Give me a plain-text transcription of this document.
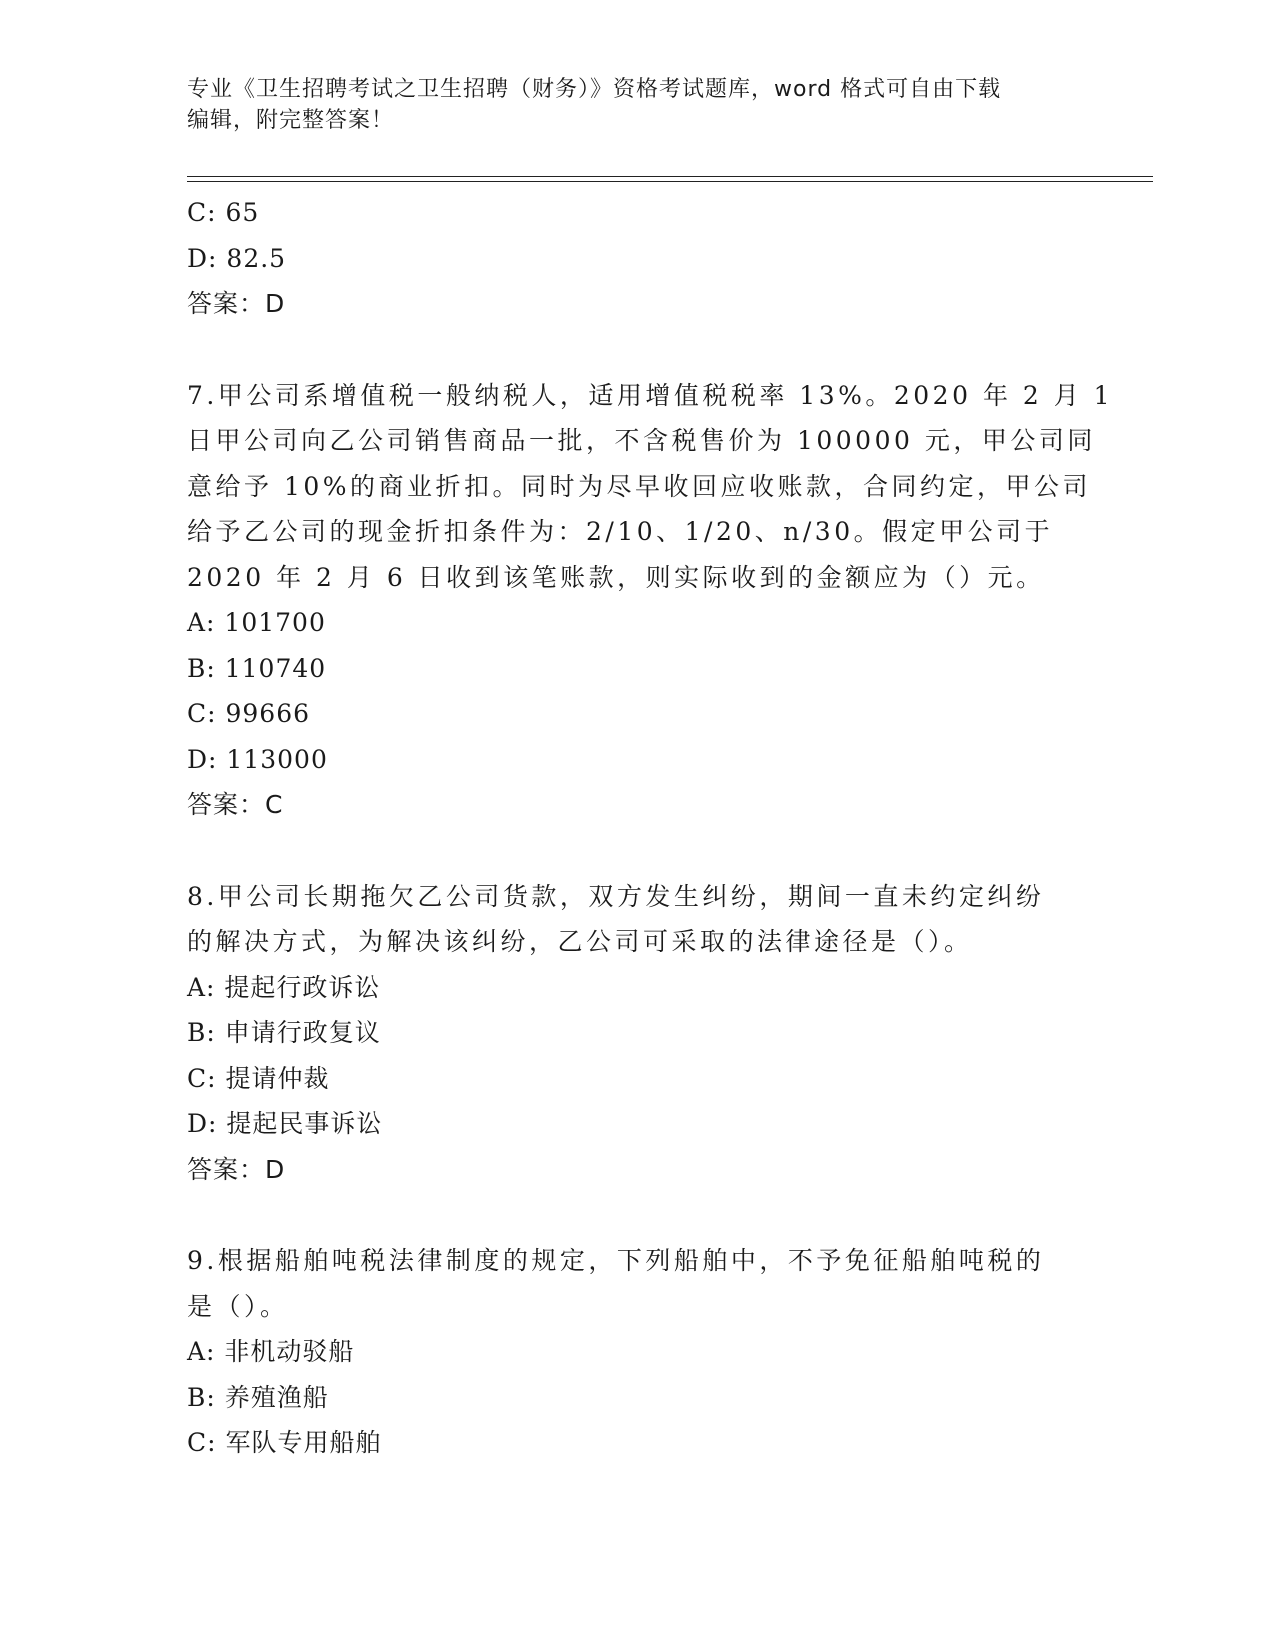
专业《卫生招聘考试之卫生招聘（财务）》资格考试题库，word 格式可自由下载
编辑，附完整答案！
C: 65
D: 82.5
答案：D
7.甲公司系增值税一般纳税人，适用增值税税率 13%。2020 年 2 月 1
日甲公司向乙公司销售商品一批，不含税售价为 100000 元，甲公司同
意给予 10%的商业折扣。同时为尽早收回应收账款，合同约定，甲公司
给予乙公司的现金折扣条件为：2/10、1/20、n/30。假定甲公司于
2020 年 2 月 6 日收到该笔账款，则实际收到的金额应为（）元。
A: 101700
B: 110740
C: 99666
D: 113000
答案：C
8.甲公司长期拖欠乙公司货款，双方发生纠纷，期间一直未约定纠纷
的解决方式，为解决该纠纷，乙公司可采取的法律途径是（）。
A: 提起行政诉讼
B: 申请行政复议
C: 提请仲裁
D: 提起民事诉讼
答案：D
9.根据船舶吨税法律制度的规定，下列船舶中，不予免征船舶吨税的
是（）。
A: 非机动驳船
B: 养殖渔船
C: 军队专用船舶
